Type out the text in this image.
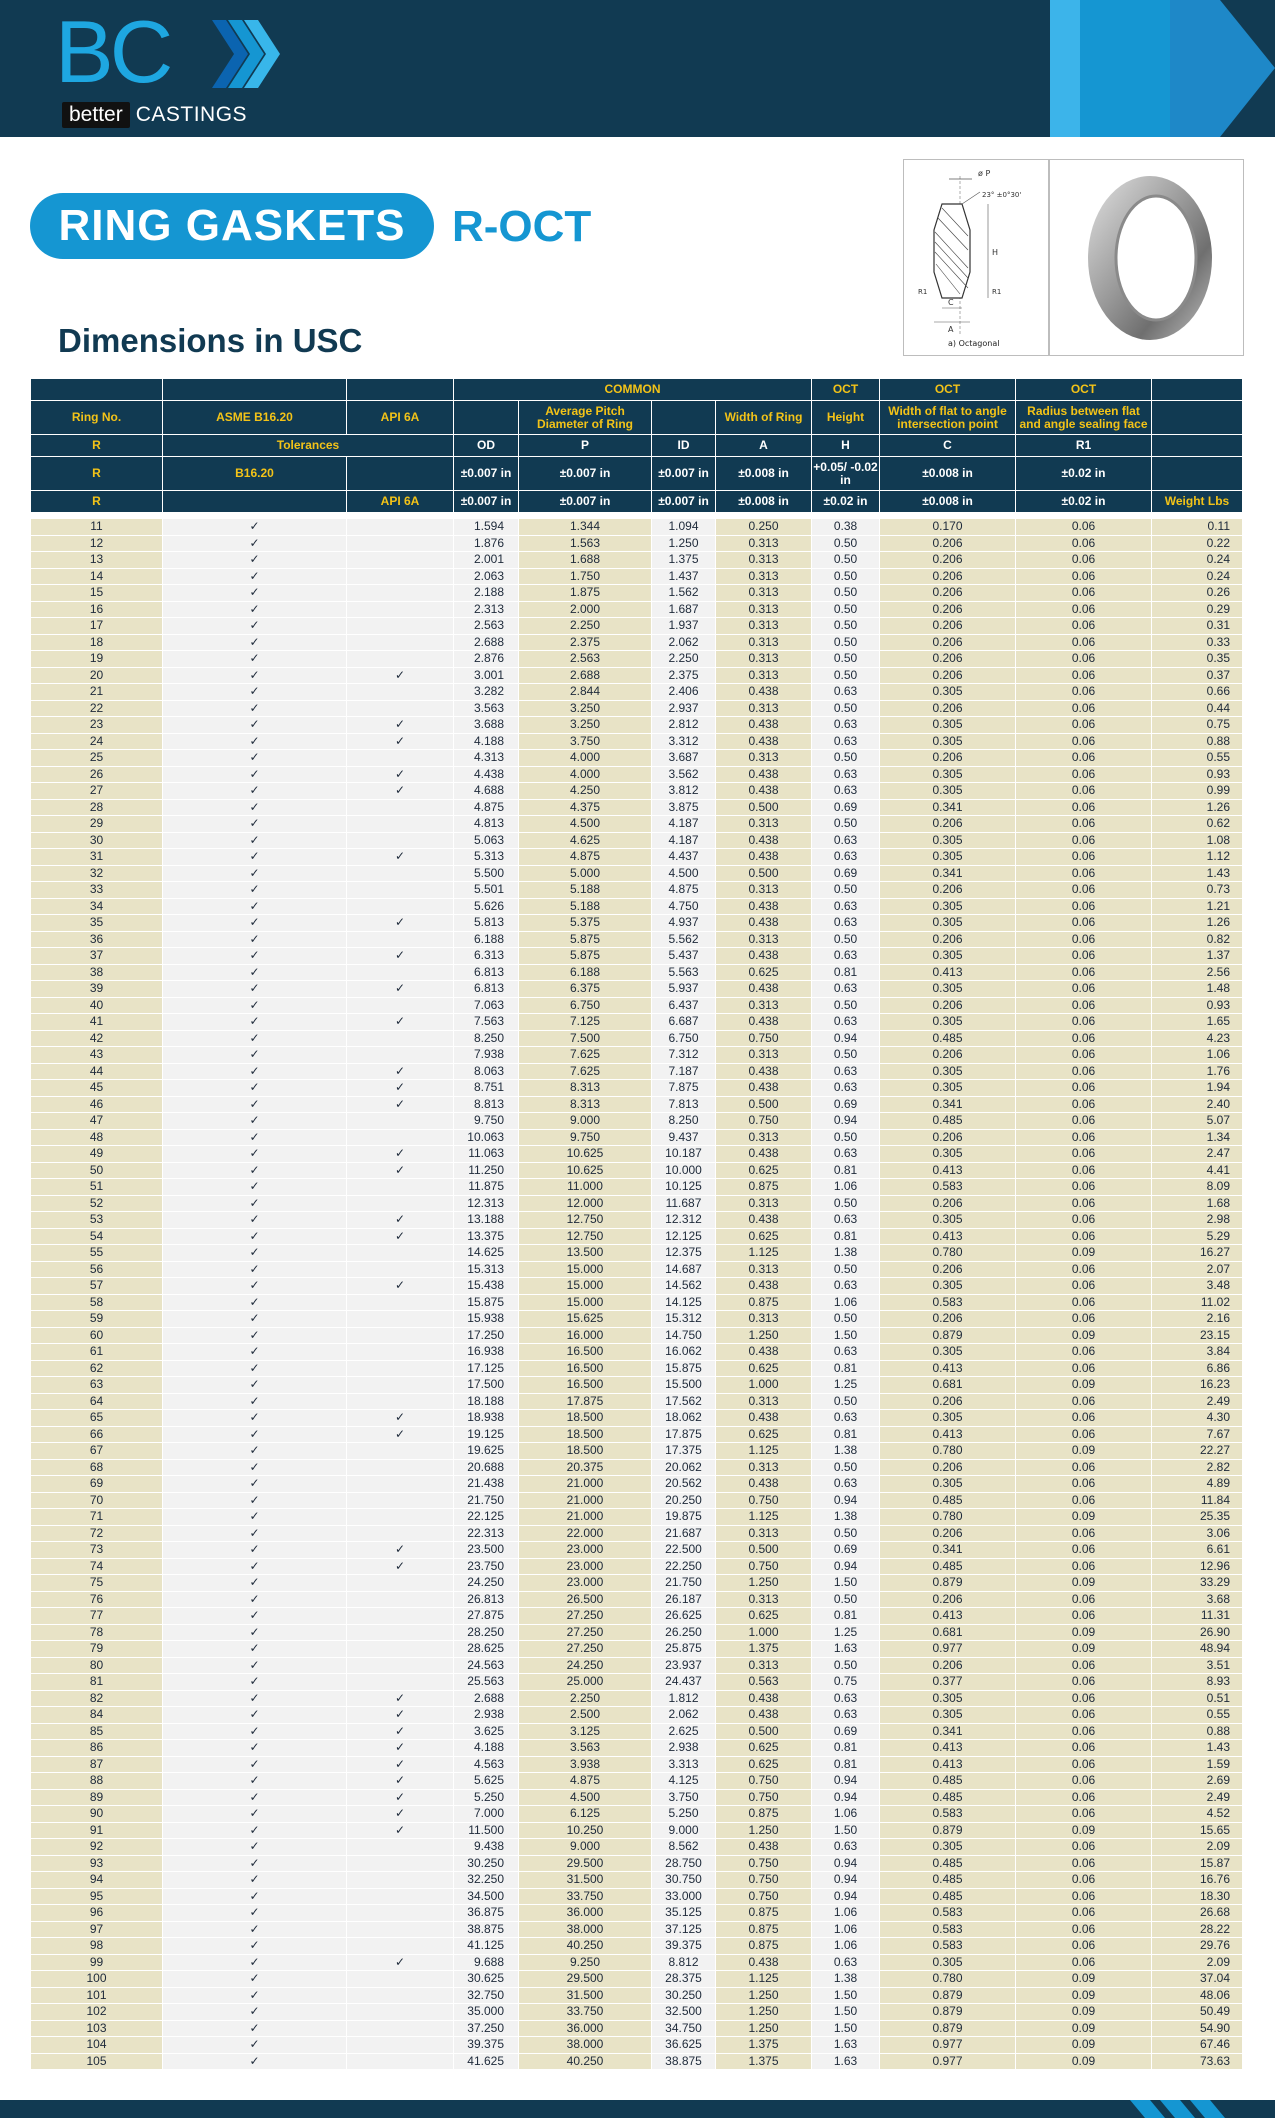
BC
better CASTINGS
RING GASKETS	R-OCT
Dimensions in USC
ø P
23° ±0°30'
H
R1	R1
C
A
a) Octagonal
			COMMON				OCT	OCT	OCT	
Ring No.	ASME B16.20	API 6A		Average Pitch Diameter of Ring		Width of Ring	Height	Width of flat to angle intersection point	Radius between flat and angle sealing face	
R	Tolerances		OD	P	ID	A	H	C	R1	
R	B16.20		±0.007 in	±0.007 in	±0.007 in	±0.008 in	+0.05/ -0.02 in	±0.008 in	±0.02 in	
R		API 6A	±0.007 in	±0.007 in	±0.007 in	±0.008 in	±0.02 in	±0.008 in	±0.02 in	Weight Lbs

11	✓		1.594	1.344	1.094	0.250	0.38	0.170	0.06	0.11
12	✓		1.876	1.563	1.250	0.313	0.50	0.206	0.06	0.22
13	✓		2.001	1.688	1.375	0.313	0.50	0.206	0.06	0.24
14	✓		2.063	1.750	1.437	0.313	0.50	0.206	0.06	0.24
15	✓		2.188	1.875	1.562	0.313	0.50	0.206	0.06	0.26
16	✓		2.313	2.000	1.687	0.313	0.50	0.206	0.06	0.29
17	✓		2.563	2.250	1.937	0.313	0.50	0.206	0.06	0.31
18	✓		2.688	2.375	2.062	0.313	0.50	0.206	0.06	0.33
19	✓		2.876	2.563	2.250	0.313	0.50	0.206	0.06	0.35
20	✓	✓	3.001	2.688	2.375	0.313	0.50	0.206	0.06	0.37
21	✓		3.282	2.844	2.406	0.438	0.63	0.305	0.06	0.66
22	✓		3.563	3.250	2.937	0.313	0.50	0.206	0.06	0.44
23	✓	✓	3.688	3.250	2.812	0.438	0.63	0.305	0.06	0.75
24	✓	✓	4.188	3.750	3.312	0.438	0.63	0.305	0.06	0.88
25	✓		4.313	4.000	3.687	0.313	0.50	0.206	0.06	0.55
26	✓	✓	4.438	4.000	3.562	0.438	0.63	0.305	0.06	0.93
27	✓	✓	4.688	4.250	3.812	0.438	0.63	0.305	0.06	0.99
28	✓		4.875	4.375	3.875	0.500	0.69	0.341	0.06	1.26
29	✓		4.813	4.500	4.187	0.313	0.50	0.206	0.06	0.62
30	✓		5.063	4.625	4.187	0.438	0.63	0.305	0.06	1.08
31	✓	✓	5.313	4.875	4.437	0.438	0.63	0.305	0.06	1.12
32	✓		5.500	5.000	4.500	0.500	0.69	0.341	0.06	1.43
33	✓		5.501	5.188	4.875	0.313	0.50	0.206	0.06	0.73
34	✓		5.626	5.188	4.750	0.438	0.63	0.305	0.06	1.21
35	✓	✓	5.813	5.375	4.937	0.438	0.63	0.305	0.06	1.26
36	✓		6.188	5.875	5.562	0.313	0.50	0.206	0.06	0.82
37	✓	✓	6.313	5.875	5.437	0.438	0.63	0.305	0.06	1.37
38	✓		6.813	6.188	5.563	0.625	0.81	0.413	0.06	2.56
39	✓	✓	6.813	6.375	5.937	0.438	0.63	0.305	0.06	1.48
40	✓		7.063	6.750	6.437	0.313	0.50	0.206	0.06	0.93
41	✓	✓	7.563	7.125	6.687	0.438	0.63	0.305	0.06	1.65
42	✓		8.250	7.500	6.750	0.750	0.94	0.485	0.06	4.23
43	✓		7.938	7.625	7.312	0.313	0.50	0.206	0.06	1.06
44	✓	✓	8.063	7.625	7.187	0.438	0.63	0.305	0.06	1.76
45	✓	✓	8.751	8.313	7.875	0.438	0.63	0.305	0.06	1.94
46	✓	✓	8.813	8.313	7.813	0.500	0.69	0.341	0.06	2.40
47	✓		9.750	9.000	8.250	0.750	0.94	0.485	0.06	5.07
48	✓		10.063	9.750	9.437	0.313	0.50	0.206	0.06	1.34
49	✓	✓	11.063	10.625	10.187	0.438	0.63	0.305	0.06	2.47
50	✓	✓	11.250	10.625	10.000	0.625	0.81	0.413	0.06	4.41
51	✓		11.875	11.000	10.125	0.875	1.06	0.583	0.06	8.09
52	✓		12.313	12.000	11.687	0.313	0.50	0.206	0.06	1.68
53	✓	✓	13.188	12.750	12.312	0.438	0.63	0.305	0.06	2.98
54	✓	✓	13.375	12.750	12.125	0.625	0.81	0.413	0.06	5.29
55	✓		14.625	13.500	12.375	1.125	1.38	0.780	0.09	16.27
56	✓		15.313	15.000	14.687	0.313	0.50	0.206	0.06	2.07
57	✓	✓	15.438	15.000	14.562	0.438	0.63	0.305	0.06	3.48
58	✓		15.875	15.000	14.125	0.875	1.06	0.583	0.06	11.02
59	✓		15.938	15.625	15.312	0.313	0.50	0.206	0.06	2.16
60	✓		17.250	16.000	14.750	1.250	1.50	0.879	0.09	23.15
61	✓		16.938	16.500	16.062	0.438	0.63	0.305	0.06	3.84
62	✓		17.125	16.500	15.875	0.625	0.81	0.413	0.06	6.86
63	✓		17.500	16.500	15.500	1.000	1.25	0.681	0.09	16.23
64	✓		18.188	17.875	17.562	0.313	0.50	0.206	0.06	2.49
65	✓	✓	18.938	18.500	18.062	0.438	0.63	0.305	0.06	4.30
66	✓	✓	19.125	18.500	17.875	0.625	0.81	0.413	0.06	7.67
67	✓		19.625	18.500	17.375	1.125	1.38	0.780	0.09	22.27
68	✓		20.688	20.375	20.062	0.313	0.50	0.206	0.06	2.82
69	✓		21.438	21.000	20.562	0.438	0.63	0.305	0.06	4.89
70	✓		21.750	21.000	20.250	0.750	0.94	0.485	0.06	11.84
71	✓		22.125	21.000	19.875	1.125	1.38	0.780	0.09	25.35
72	✓		22.313	22.000	21.687	0.313	0.50	0.206	0.06	3.06
73	✓	✓	23.500	23.000	22.500	0.500	0.69	0.341	0.06	6.61
74	✓	✓	23.750	23.000	22.250	0.750	0.94	0.485	0.06	12.96
75	✓		24.250	23.000	21.750	1.250	1.50	0.879	0.09	33.29
76	✓		26.813	26.500	26.187	0.313	0.50	0.206	0.06	3.68
77	✓		27.875	27.250	26.625	0.625	0.81	0.413	0.06	11.31
78	✓		28.250	27.250	26.250	1.000	1.25	0.681	0.09	26.90
79	✓		28.625	27.250	25.875	1.375	1.63	0.977	0.09	48.94
80	✓		24.563	24.250	23.937	0.313	0.50	0.206	0.06	3.51
81	✓		25.563	25.000	24.437	0.563	0.75	0.377	0.06	8.93
82	✓	✓	2.688	2.250	1.812	0.438	0.63	0.305	0.06	0.51
84	✓	✓	2.938	2.500	2.062	0.438	0.63	0.305	0.06	0.55
85	✓	✓	3.625	3.125	2.625	0.500	0.69	0.341	0.06	0.88
86	✓	✓	4.188	3.563	2.938	0.625	0.81	0.413	0.06	1.43
87	✓	✓	4.563	3.938	3.313	0.625	0.81	0.413	0.06	1.59
88	✓	✓	5.625	4.875	4.125	0.750	0.94	0.485	0.06	2.69
89	✓	✓	5.250	4.500	3.750	0.750	0.94	0.485	0.06	2.49
90	✓	✓	7.000	6.125	5.250	0.875	1.06	0.583	0.06	4.52
91	✓	✓	11.500	10.250	9.000	1.250	1.50	0.879	0.09	15.65
92	✓		9.438	9.000	8.562	0.438	0.63	0.305	0.06	2.09
93	✓		30.250	29.500	28.750	0.750	0.94	0.485	0.06	15.87
94	✓		32.250	31.500	30.750	0.750	0.94	0.485	0.06	16.76
95	✓		34.500	33.750	33.000	0.750	0.94	0.485	0.06	18.30
96	✓		36.875	36.000	35.125	0.875	1.06	0.583	0.06	26.68
97	✓		38.875	38.000	37.125	0.875	1.06	0.583	0.06	28.22
98	✓		41.125	40.250	39.375	0.875	1.06	0.583	0.06	29.76
99	✓	✓	9.688	9.250	8.812	0.438	0.63	0.305	0.06	2.09
100	✓		30.625	29.500	28.375	1.125	1.38	0.780	0.09	37.04
101	✓		32.750	31.500	30.250	1.250	1.50	0.879	0.09	48.06
102	✓		35.000	33.750	32.500	1.250	1.50	0.879	0.09	50.49
103	✓		37.250	36.000	34.750	1.250	1.50	0.879	0.09	54.90
104	✓		39.375	38.000	36.625	1.375	1.63	0.977	0.09	67.46
105	✓		41.625	40.250	38.875	1.375	1.63	0.977	0.09	73.63
